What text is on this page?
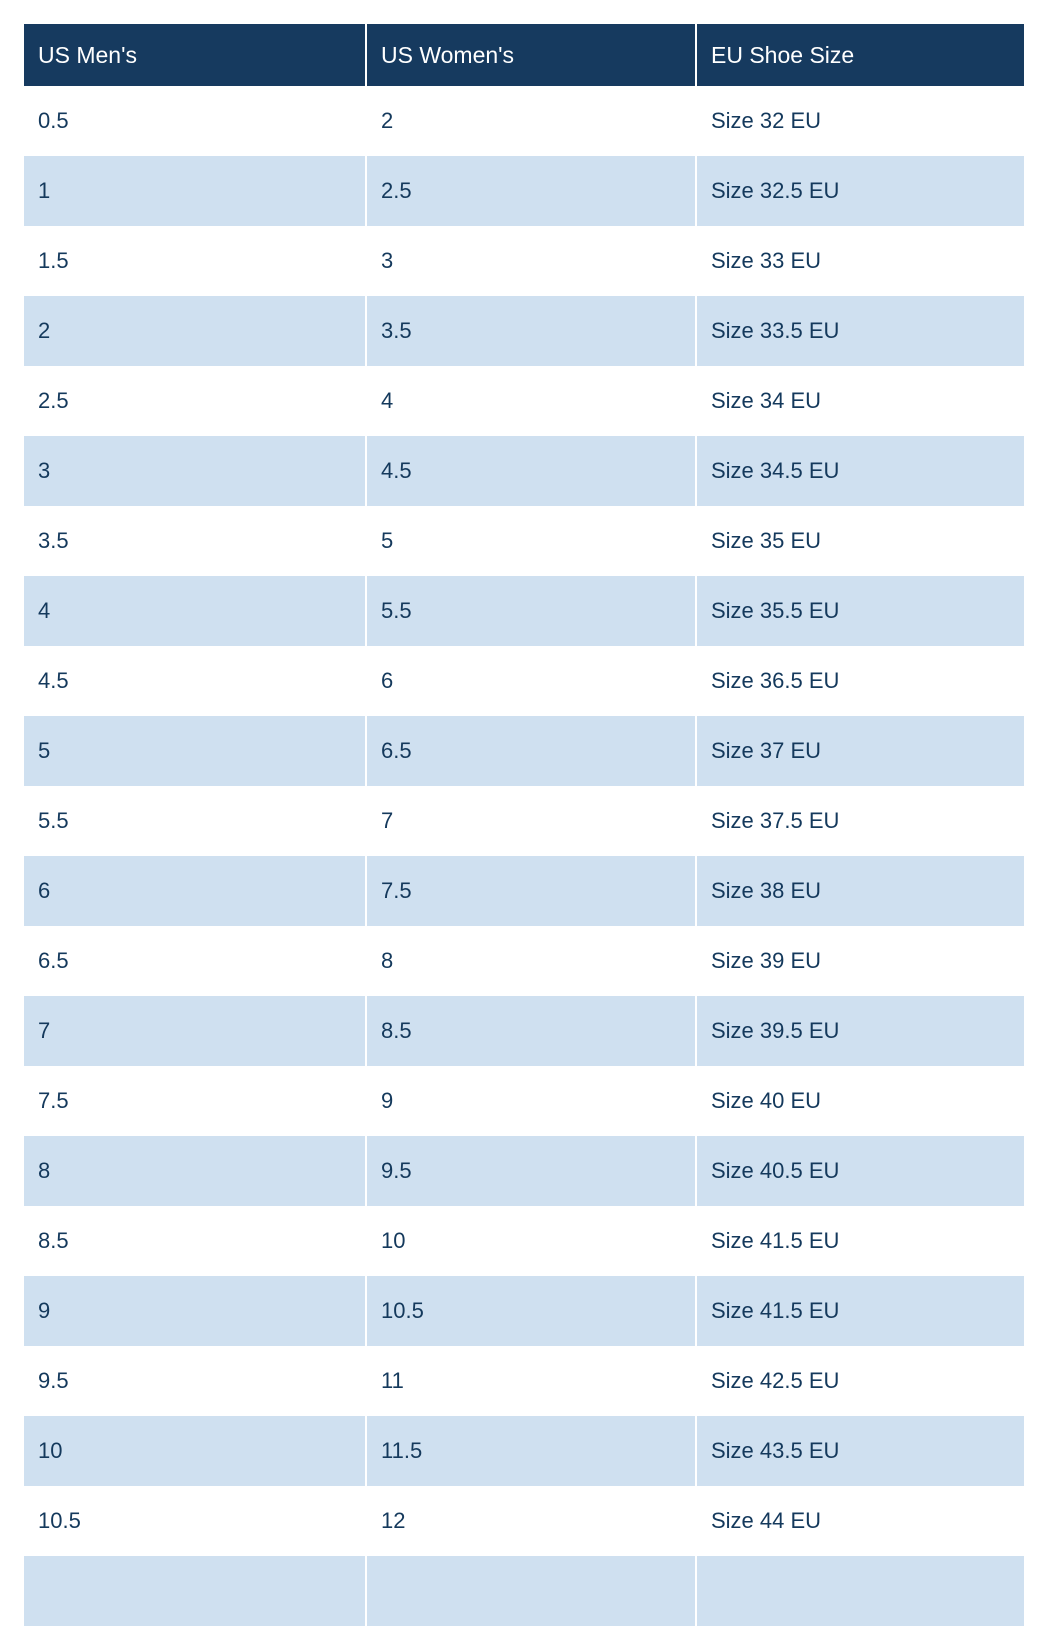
US Men's	US Women's	EU Shoe Size
0.5	2	Size 32 EU
1	2.5	Size 32.5 EU
1.5	3	Size 33 EU
2	3.5	Size 33.5 EU
2.5	4	Size 34 EU
3	4.5	Size 34.5 EU
3.5	5	Size 35 EU
4	5.5	Size 35.5 EU
4.5	6	Size 36.5 EU
5	6.5	Size 37 EU
5.5	7	Size 37.5 EU
6	7.5	Size 38 EU
6.5	8	Size 39 EU
7	8.5	Size 39.5 EU
7.5	9	Size 40 EU
8	9.5	Size 40.5 EU
8.5	10	Size 41.5 EU
9	10.5	Size 41.5 EU
9.5	11	Size 42.5 EU
10	11.5	Size 43.5 EU
10.5	12	Size 44 EU
